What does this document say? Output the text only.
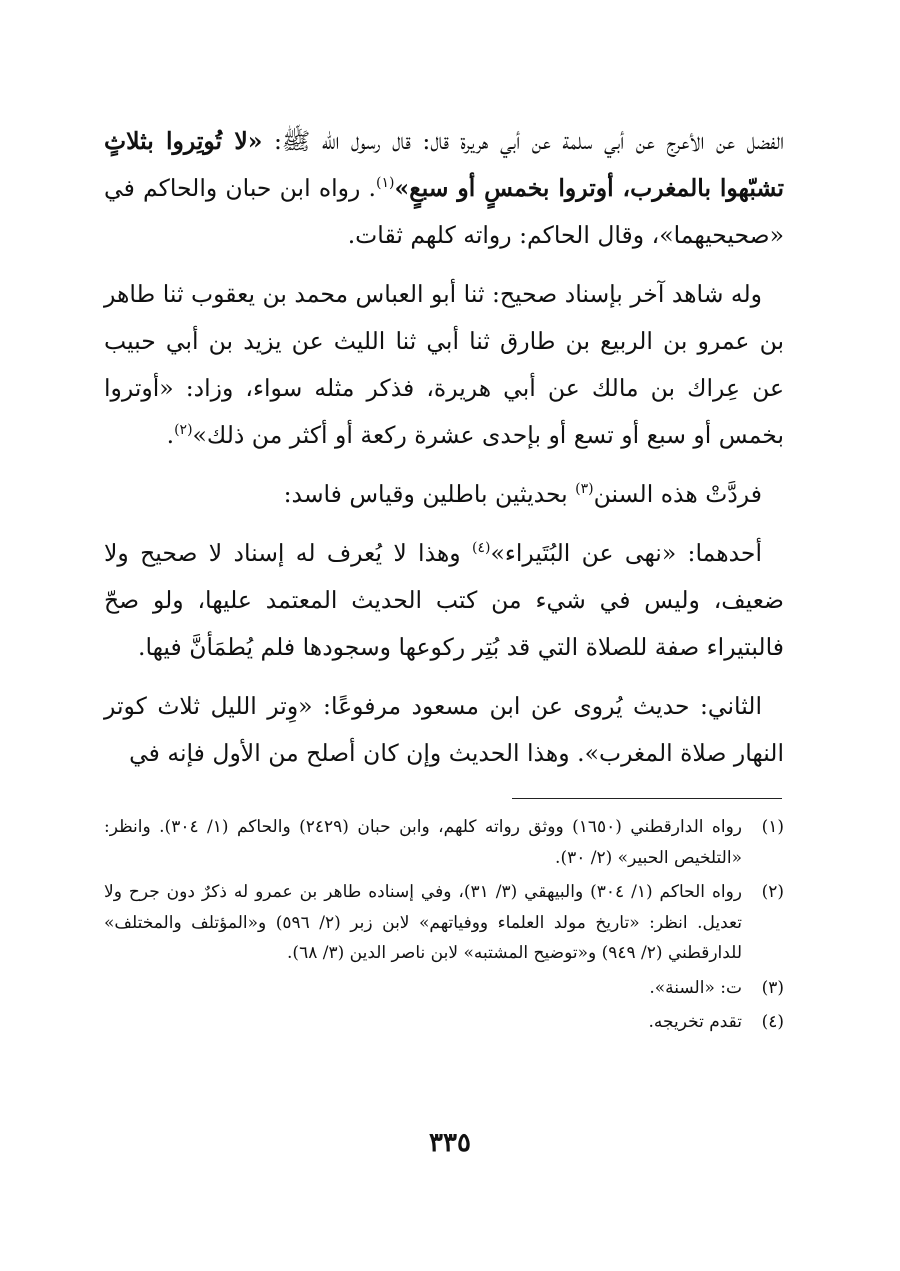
الفضل عن الأعرج عن أبي سلمة عن أبي هريرة قال: قال رسول الله ﷺ: «لا تُوتِروا بثلاثٍ تشبّهوا بالمغرب، أوتروا بخمسٍ أو سبعٍ»$^{(١)}$. رواه ابن حبان والحاكم في «صحيحيهما»، وقال الحاكم: رواته كلهم ثقات.

وله شاهد آخر بإسناد صحيح: ثنا أبو العباس محمد بن يعقوب ثنا طاهر بن عمرو بن الربيع بن طارق ثنا أبي ثنا الليث عن يزيد بن أبي حبيب عن عِراك بن مالك عن أبي هريرة، فذكر مثله سواء، وزاد: «أوتروا بخمس أو سبع أو تسع أو بإحدى عشرة ركعة أو أكثر من ذلك»$^{(٢)}$.

فردَّتْ هذه السنن$^{(٣)}$ بحديثين باطلين وقياس فاسد:

أحدهما: «نهى عن البُتَيراء»$^{(٤)}$ وهذا لا يُعرف له إسناد لا صحيح ولا ضعيف، وليس في شيء من كتب الحديث المعتمد عليها، ولو صحّ فالبتيراء صفة للصلاة التي قد بُتِر ركوعها وسجودها فلم يُطمَأنَّ فيها.

الثاني: حديث يُروى عن ابن مسعود مرفوعًا: «وِتر الليل ثلاث كوتر النهار صلاة المغرب». وهذا الحديث وإن كان أصلح من الأول فإنه في

(١)
رواه الدارقطني (١٦٥٠) ووثق رواته كلهم، وابن حبان (٢٤٢٩) والحاكم (١/ ٣٠٤). وانظر: «التلخيص الحبير» (٢/ ٣٠).
(٢)
رواه الحاكم (١/ ٣٠٤) والبيهقي (٣/ ٣١)، وفي إسناده طاهر بن عمرو له ذكرٌ دون جرح ولا تعديل. انظر: «تاريخ مولد العلماء ووفياتهم» لابن زبر (٢/ ٥٩٦) و«المؤتلف والمختلف» للدارقطني (٢/ ٩٤٩) و«توضيح المشتبه» لابن ناصر الدين (٣/ ٦٨).
(٣)
ت: «السنة».
(٤)
تقدم تخريجه.
٣٣٥
